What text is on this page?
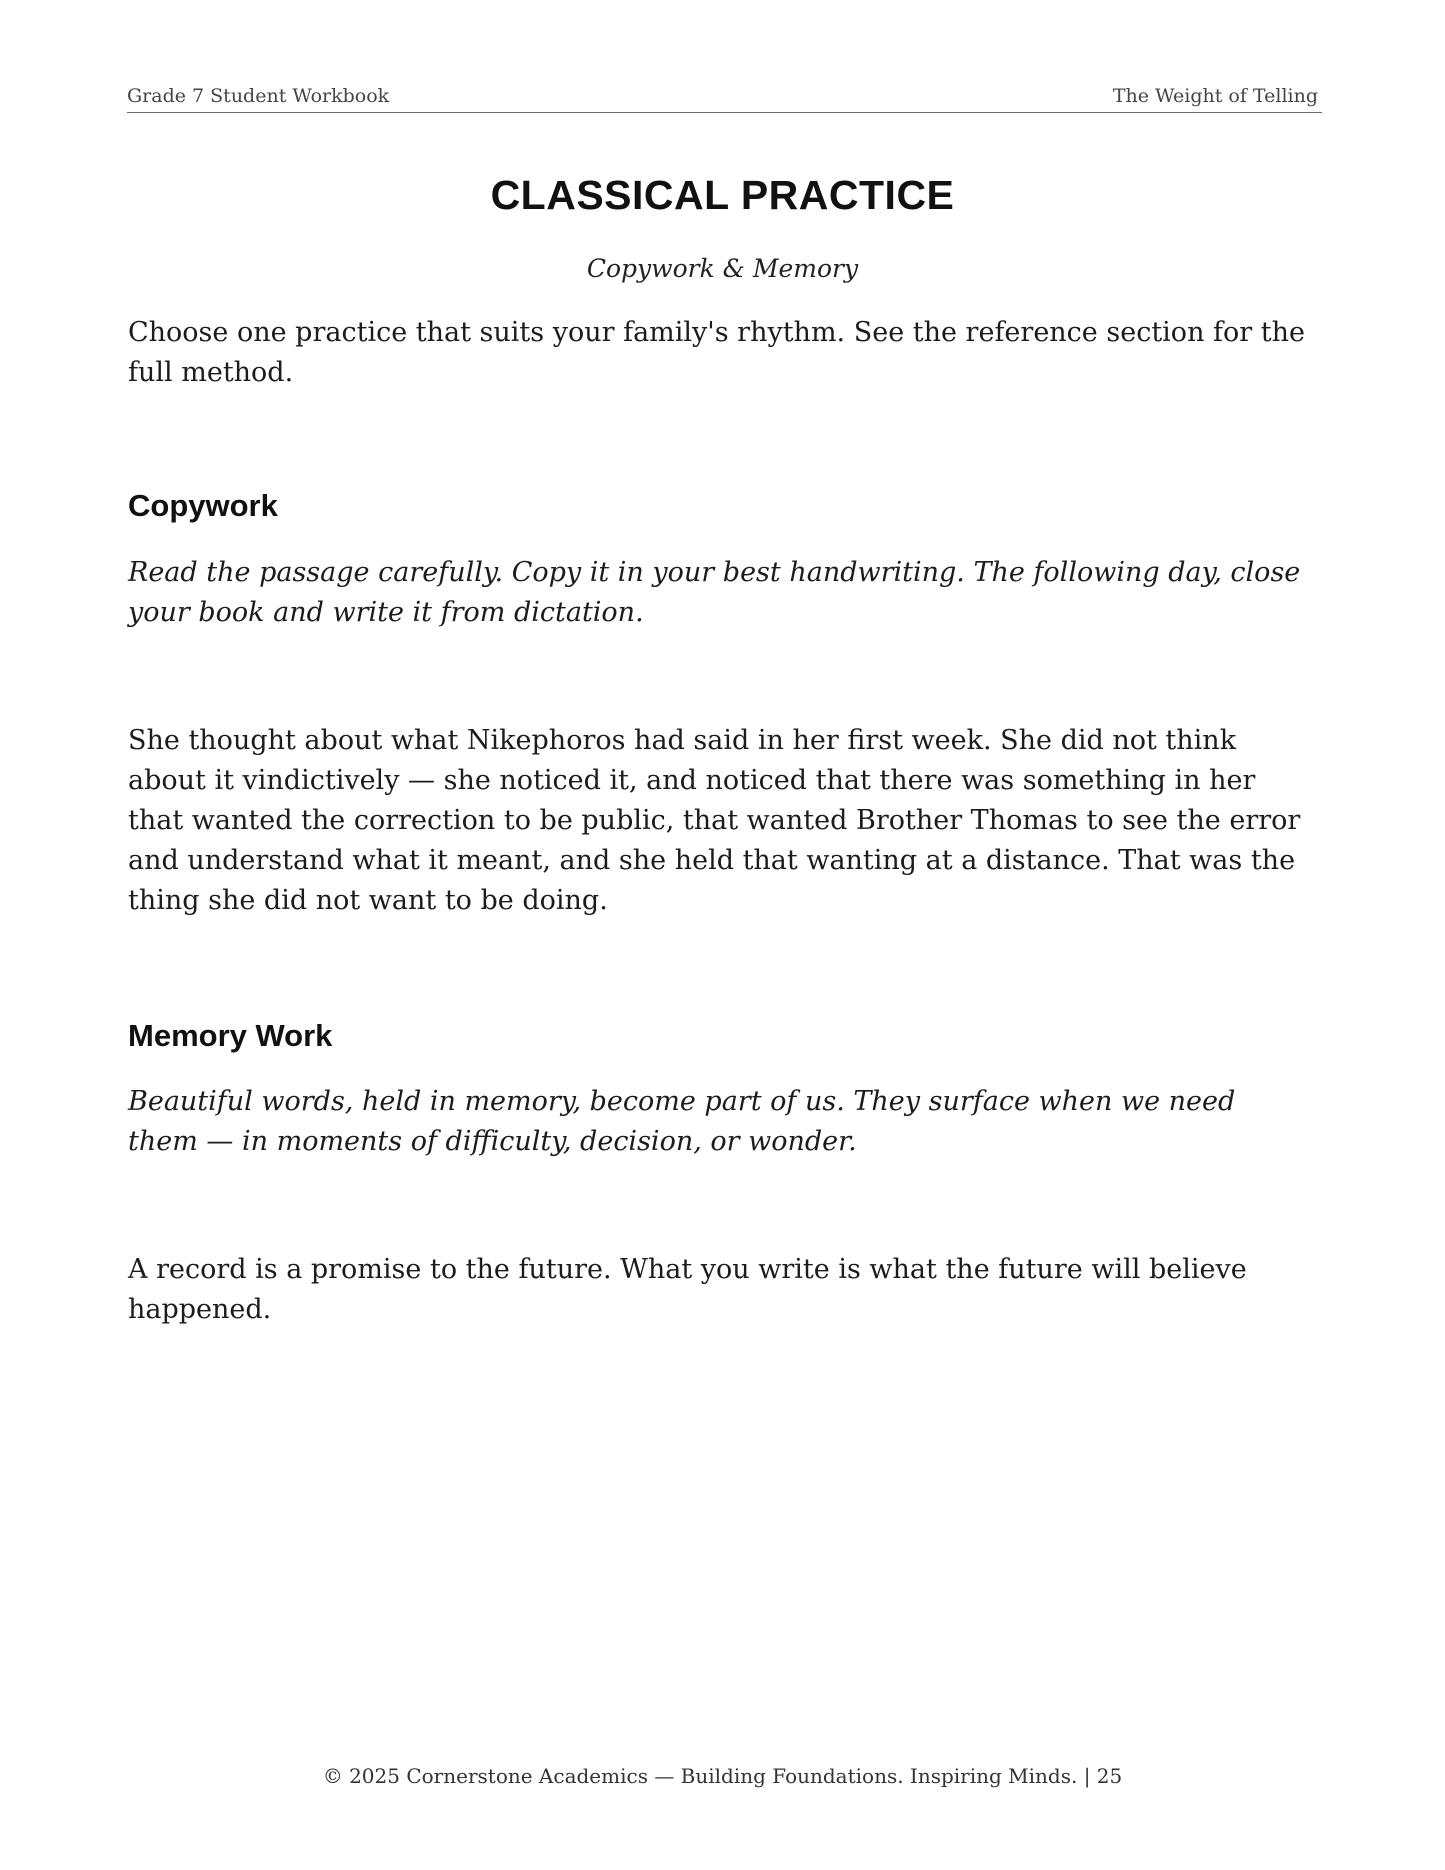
Grade 7 Student Workbook	The Weight of Telling
CLASSICAL PRACTICE
Copywork & Memory
Choose one practice that suits your family's rhythm. See the reference section for the full method.
Copywork
Read the passage carefully. Copy it in your best handwriting. The following day, close your book and write it from dictation.
She thought about what Nikephoros had said in her first week. She did not think about it vindictively — she noticed it, and noticed that there was something in her that wanted the correction to be public, that wanted Brother Thomas to see the error and understand what it meant, and she held that wanting at a distance. That was the thing she did not want to be doing.
Memory Work
Beautiful words, held in memory, become part of us. They surface when we need them — in moments of difficulty, decision, or wonder.
A record is a promise to the future. What you write is what the future will believe happened.
© 2025 Cornerstone Academics — Building Foundations. Inspiring Minds. | 25
